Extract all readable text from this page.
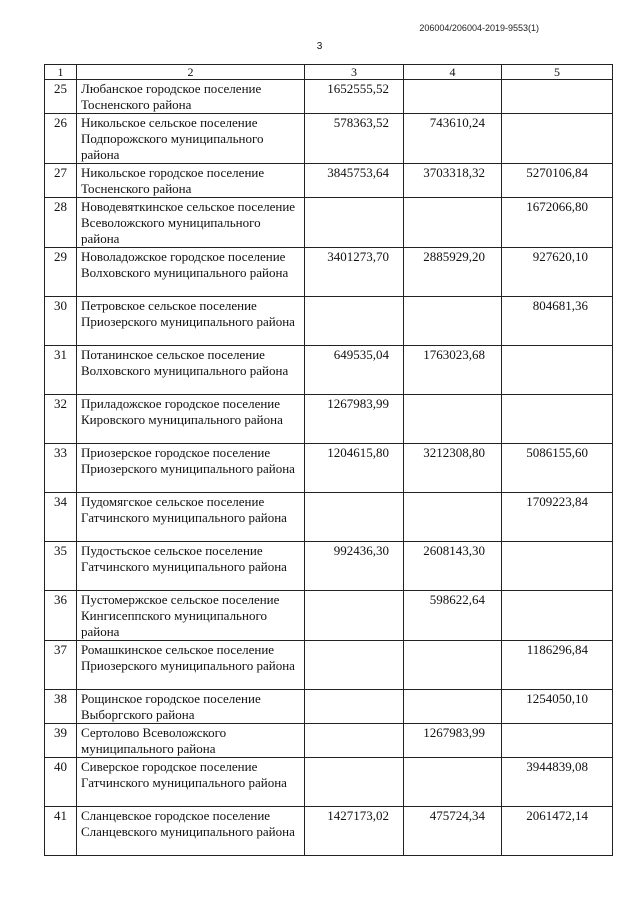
206004/206004-2019-9553(1)
3
1	2	3	4	5
25	Любанское городское поселение Тосненского района	1652555,52		
26	Никольское сельское поселение Подпорожского муниципального района	578363,52	743610,24	
27	Никольское городское поселение Тосненского района	3845753,64	3703318,32	5270106,84
28	Новодевяткинское сельское поселение Всеволожского муниципального района			1672066,80
29	Новоладожское городское поселение Волховского муниципального района	3401273,70	2885929,20	927620,10
30	Петровское сельское поселение Приозерского муниципального района			804681,36
31	Потанинское сельское поселение Волховского муниципального района	649535,04	1763023,68	
32	Приладожское городское поселение Кировского муниципального района	1267983,99		
33	Приозерское городское поселение Приозерского муниципального района	1204615,80	3212308,80	5086155,60
34	Пудомягское сельское поселение Гатчинского муниципального района			1709223,84
35	Пудостьское сельское поселение Гатчинского муниципального района	992436,30	2608143,30	
36	Пустомержское сельское поселение Кингисеппского муниципального района		598622,64	
37	Ромашкинское сельское поселение Приозерского муниципального района			1186296,84
38	Рощинское городское поселение Выборгского района			1254050,10
39	Сертолово Всеволожского муниципального района		1267983,99	
40	Сиверское городское поселение Гатчинского муниципального района			3944839,08
41	Сланцевское городское поселение Сланцевского муниципального района	1427173,02	475724,34	2061472,14
